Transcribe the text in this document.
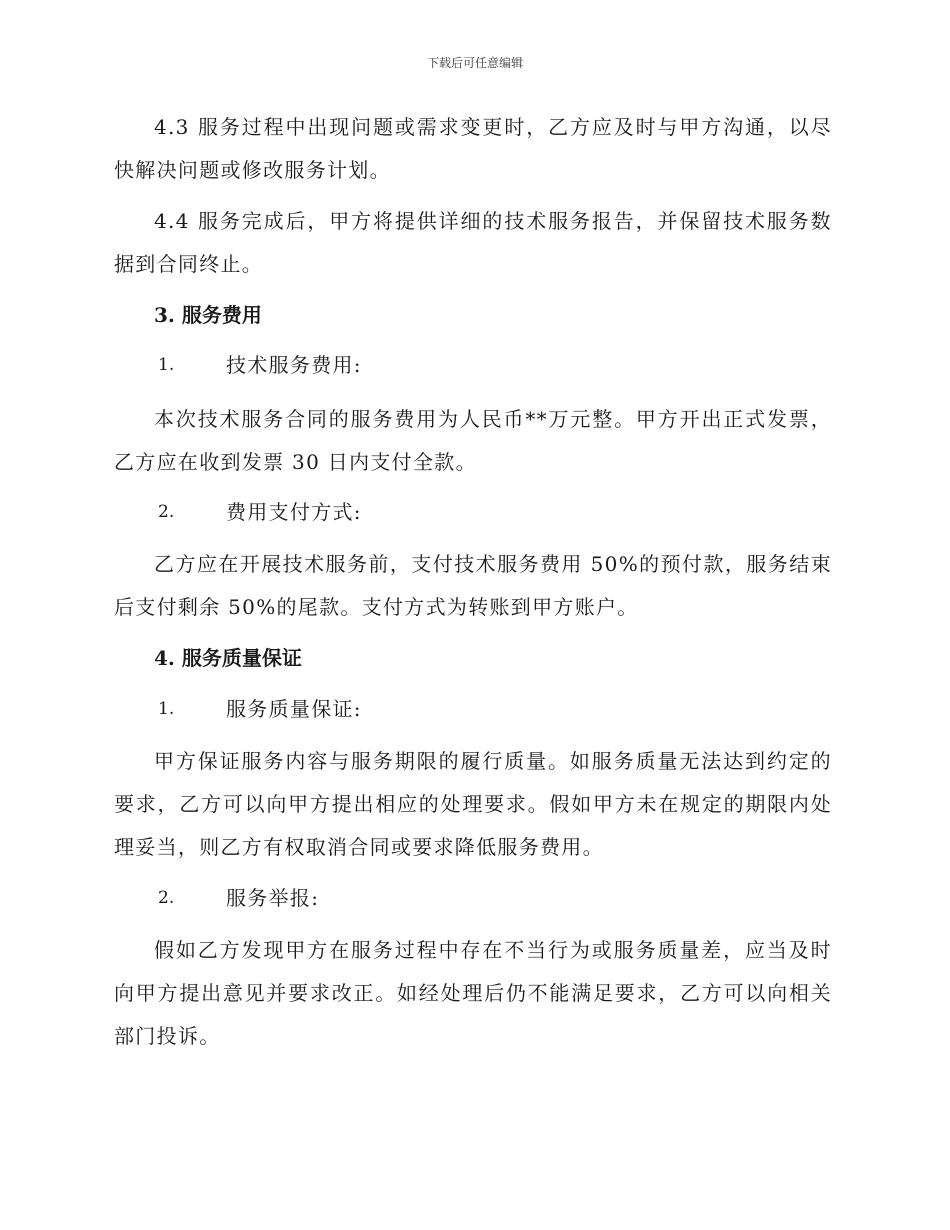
下载后可任意编辑
4.3 服务过程中出现问题或需求变更时，乙方应及时与甲方沟通，以尽快解决问题或修改服务计划。
4.4 服务完成后，甲方将提供详细的技术服务报告，并保留技术服务数据到合同终止。
3. 服务费用
1.	技术服务费用:
本次技术服务合同的服务费用为人民币**万元整。甲方开出正式发票，乙方应在收到发票 30 日内支付全款。
2.	费用支付方式:
乙方应在开展技术服务前，支付技术服务费用 50%的预付款，服务结束后支付剩余 50%的尾款。支付方式为转账到甲方账户。
4. 服务质量保证
1.	服务质量保证:
甲方保证服务内容与服务期限的履行质量。如服务质量无法达到约定的要求，乙方可以向甲方提出相应的处理要求。假如甲方未在规定的期限内处理妥当，则乙方有权取消合同或要求降低服务费用。
2.	服务举报:
假如乙方发现甲方在服务过程中存在不当行为或服务质量差，应当及时向甲方提出意见并要求改正。如经处理后仍不能满足要求，乙方可以向相关部门投诉。
